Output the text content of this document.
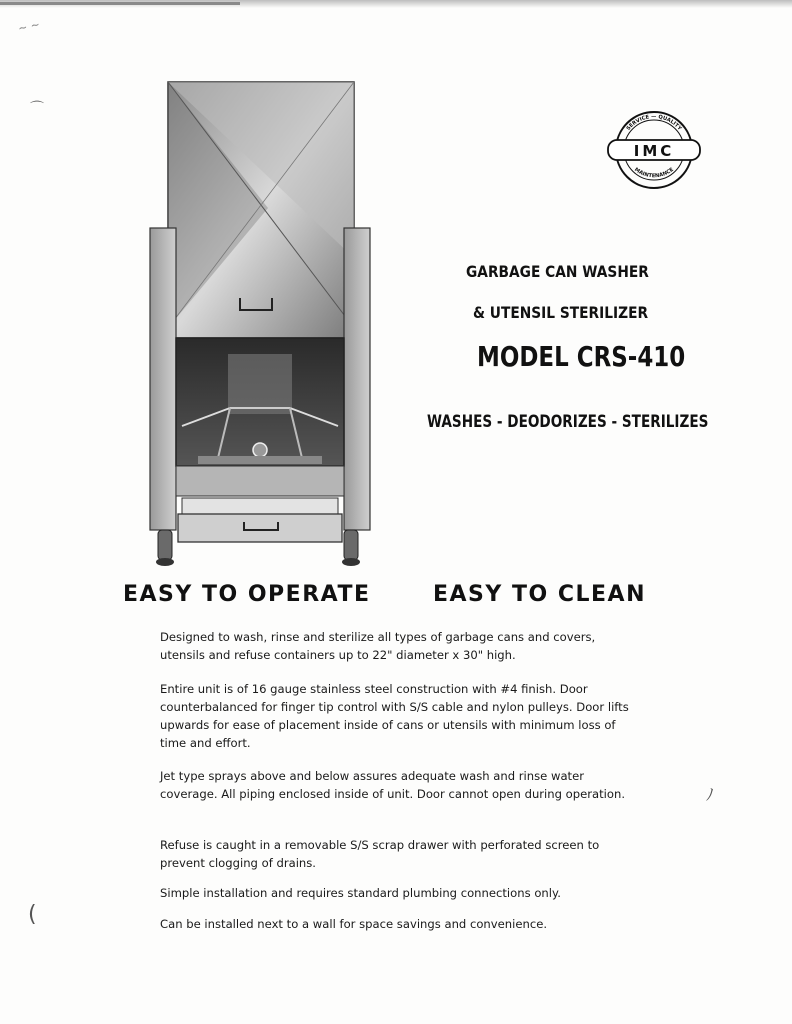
~ ~
⌒
(
ﾉ
SERVICE — QUALITY
MAINTENANCE
IMC
GARBAGE CAN WASHER
& UTENSIL STERILIZER
MODEL CRS-410
WASHES - DEODORIZES - STERILIZES
EASY TO OPERATE	EASY TO CLEAN
Designed to wash, rinse and sterilize all types of garbage cans and covers, utensils and refuse containers up to 22" diameter x 30" high.
Entire unit is of 16 gauge stainless steel construction with #4 finish. Door counterbalanced for finger tip control with S/S cable and nylon pulleys. Door lifts upwards for ease of placement inside of cans or utensils with minimum loss of time and effort.
Jet type sprays above and below assures adequate wash and rinse water coverage. All piping enclosed inside of unit. Door cannot open during operation.
Refuse is caught in a removable S/S scrap drawer with perforated screen to prevent clogging of drains.
Simple installation and requires standard plumbing connections only.
Can be installed next to a wall for space savings and convenience.
